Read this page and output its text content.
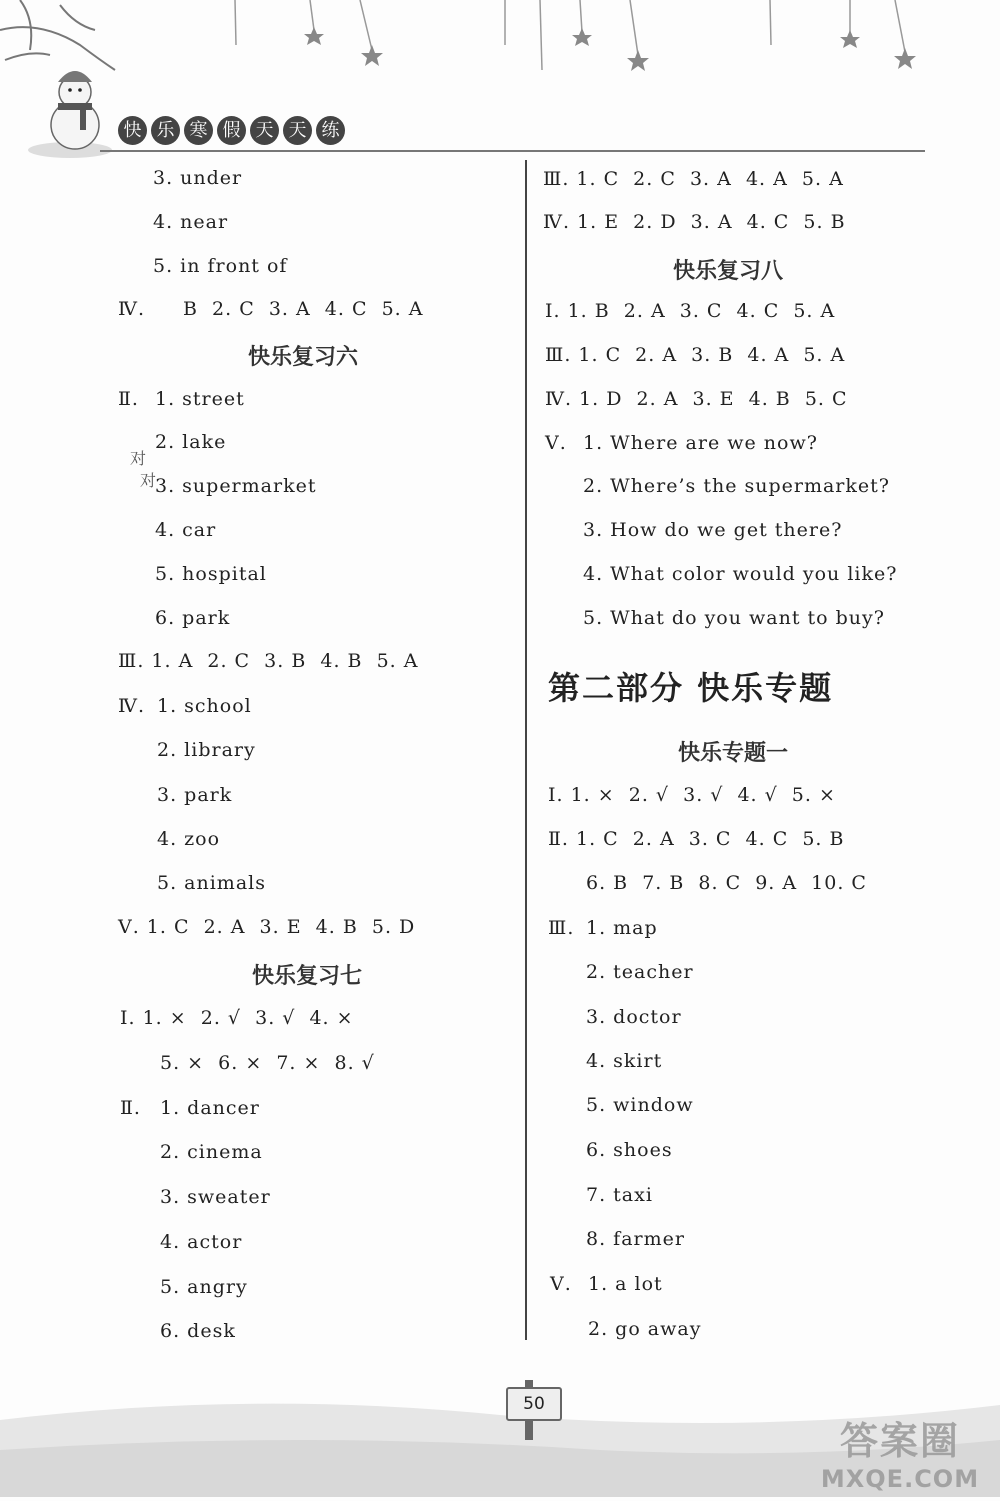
快 乐 寒 假 天 天 练
3. under
4. near
5. in front of
Ⅳ. B  2. C  3. A  4. C  5. A
快乐复习六
Ⅱ. 1. street
2. lake
3. supermarket
4. car
5. hospital
6. park
对
对
Ⅲ. 1. A  2. C  3. B  4. B  5. A
Ⅳ. 1. school
2. library
3. park
4. zoo
5. animals
Ⅴ. 1. C  2. A  3. E  4. B  5. D
快乐复习七
Ⅰ. 1. ×  2. √  3. √  4. ×
5. ×  6. ×  7. ×  8. √
Ⅱ. 1. dancer
2. cinema
3. sweater
4. actor
5. angry
6. desk
Ⅲ. 1. C  2. C  3. A  4. A  5. A
Ⅳ. 1. E  2. D  3. A  4. C  5. B
快乐复习八
Ⅰ. 1. B  2. A  3. C  4. C  5. A
Ⅲ. 1. C  2. A  3. B  4. A  5. A
Ⅳ. 1. D  2. A  3. E  4. B  5. C
Ⅴ. 1. Where are we now?
2. Where’s the supermarket?
3. How do we get there?
4. What color would you like?
5. What do you want to buy?
第二部分 快乐专题
快乐专题一
Ⅰ. 1. ×  2. √  3. √  4. √  5. ×
Ⅱ. 1. C  2. A  3. C  4. C  5. B
6. B  7. B  8. C  9. A  10. C
Ⅲ. 1. map
2. teacher
3. doctor
4. skirt
5. window
6. shoes
7. taxi
8. farmer
Ⅴ. 1. a lot
2. go away
50
答案圈
MXQE.COM
